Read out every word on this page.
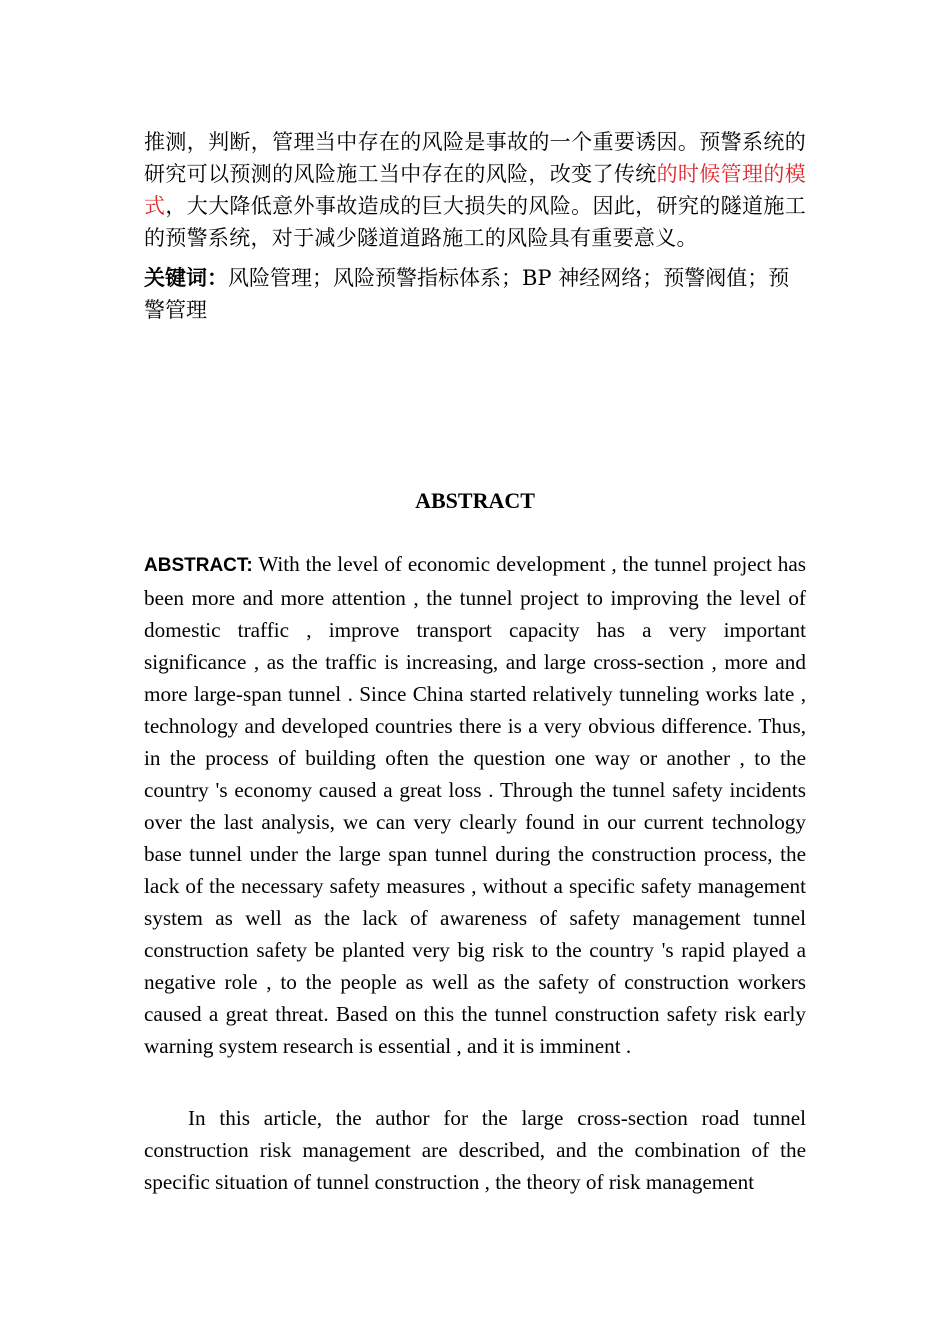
推测，判断，管理当中存在的风险是事故的一个重要诱因。预警系统的研究可以预测的风险施工当中存在的风险，改变了传统的时候管理的模式，大大降低意外事故造成的巨大损失的风险。因此，研究的隧道施工的预警系统，对于减少隧道道路施工的风险具有重要意义。

关键词：风险管理；风险预警指标体系；BP 神经网络；预警阀值；预警管理

ABSTRACT

ABSTRACT: With the level of economic development , the tunnel project has been more and more attention , the tunnel project to improving the level of domestic traffic , improve transport capacity has a very important significance , as the traffic is increasing, and large cross-section , more and more large-span tunnel . Since China started relatively tunneling works late , technology and developed countries there is a very obvious difference. Thus, in the process of building often the question one way or another , to the country 's economy caused a great loss . Through the tunnel safety incidents over the last analysis, we can very clearly found in our current technology base tunnel under the large span tunnel during the construction process, the lack of the necessary safety measures , without a specific safety management system as well as the lack of awareness of safety management tunnel construction safety be planted very big risk to the country 's rapid played a negative role , to the people as well as the safety of construction workers caused a great threat. Based on this the tunnel construction safety risk early warning system research is essential , and it is imminent .

In this article, the author for the large cross-section road tunnel construction risk management are described, and the combination of the specific situation of tunnel construction , the theory of risk management
